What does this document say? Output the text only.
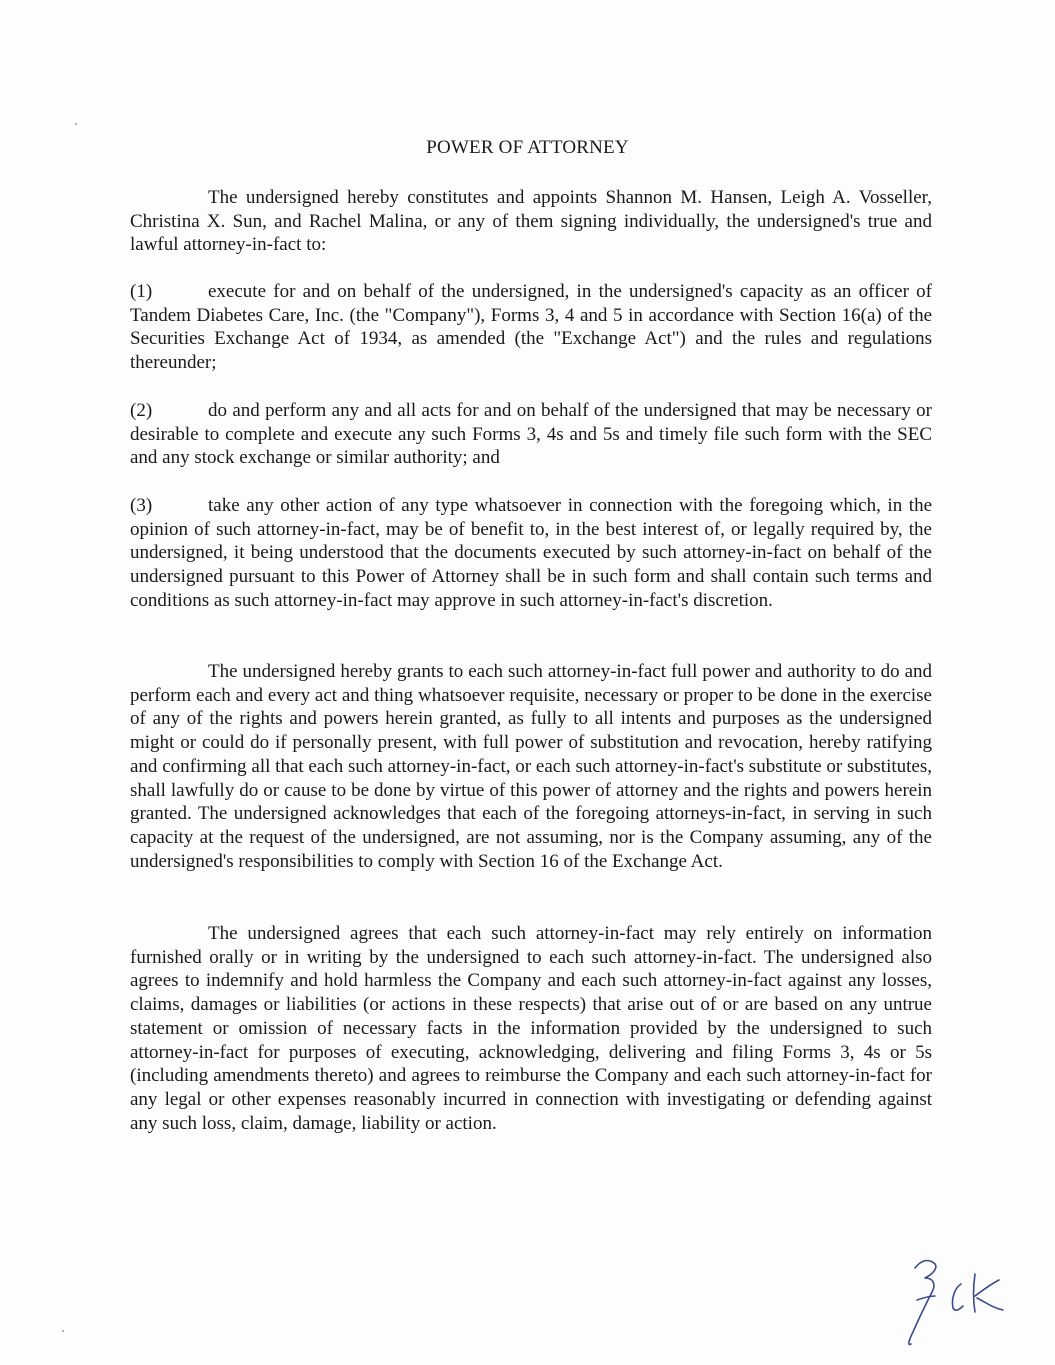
POWER OF ATTORNEY

The undersigned hereby constitutes and appoints Shannon M. Hansen, Leigh A. Vosseller, Christina X. Sun, and Rachel Malina, or any of them signing individually, the undersigned's true and lawful attorney-in-fact to:

(1)	execute for and on behalf of the undersigned, in the undersigned's capacity as an officer of Tandem Diabetes Care, Inc. (the "Company"), Forms 3, 4 and 5 in accordance with Section 16(a) of the Securities Exchange Act of 1934, as amended (the "Exchange Act") and the rules and regulations thereunder;

(2)	do and perform any and all acts for and on behalf of the undersigned that may be necessary or desirable to complete and execute any such Forms 3, 4s and 5s and timely file such form with the SEC and any stock exchange or similar authority; and

(3)	take any other action of any type whatsoever in connection with the foregoing which, in the opinion of such attorney-in-fact, may be of benefit to, in the best interest of, or legally required by, the undersigned, it being understood that the documents executed by such attorney-in-fact on behalf of the undersigned pursuant to this Power of Attorney shall be in such form and shall contain such terms and conditions as such attorney-in-fact may approve in such attorney-in-fact's discretion.

The undersigned hereby grants to each such attorney-in-fact full power and authority to do and perform each and every act and thing whatsoever requisite, necessary or proper to be done in the exercise of any of the rights and powers herein granted, as fully to all intents and purposes as the undersigned might or could do if personally present, with full power of substitution and revocation, hereby ratifying and confirming all that each such attorney-in-fact, or each such attorney-in-fact's substitute or substitutes, shall lawfully do or cause to be done by virtue of this power of attorney and the rights and powers herein granted. The undersigned acknowledges that each of the foregoing attorneys-in-fact, in serving in such capacity at the request of the undersigned, are not assuming, nor is the Company assuming, any of the undersigned's responsibilities to comply with Section 16 of the Exchange Act.

The undersigned agrees that each such attorney-in-fact may rely entirely on information furnished orally or in writing by the undersigned to each such attorney-in-fact. The undersigned also agrees to indemnify and hold harmless the Company and each such attorney-in-fact against any losses, claims, damages or liabilities (or actions in these respects) that arise out of or are based on any untrue statement or omission of necessary facts in the information provided by the undersigned to such attorney-in-fact for purposes of executing, acknowledging, delivering and filing Forms 3, 4s or 5s (including amendments thereto) and agrees to reimburse the Company and each such attorney-in-fact for any legal or other expenses reasonably incurred in connection with investigating or defending against any such loss, claim, damage, liability or action.
